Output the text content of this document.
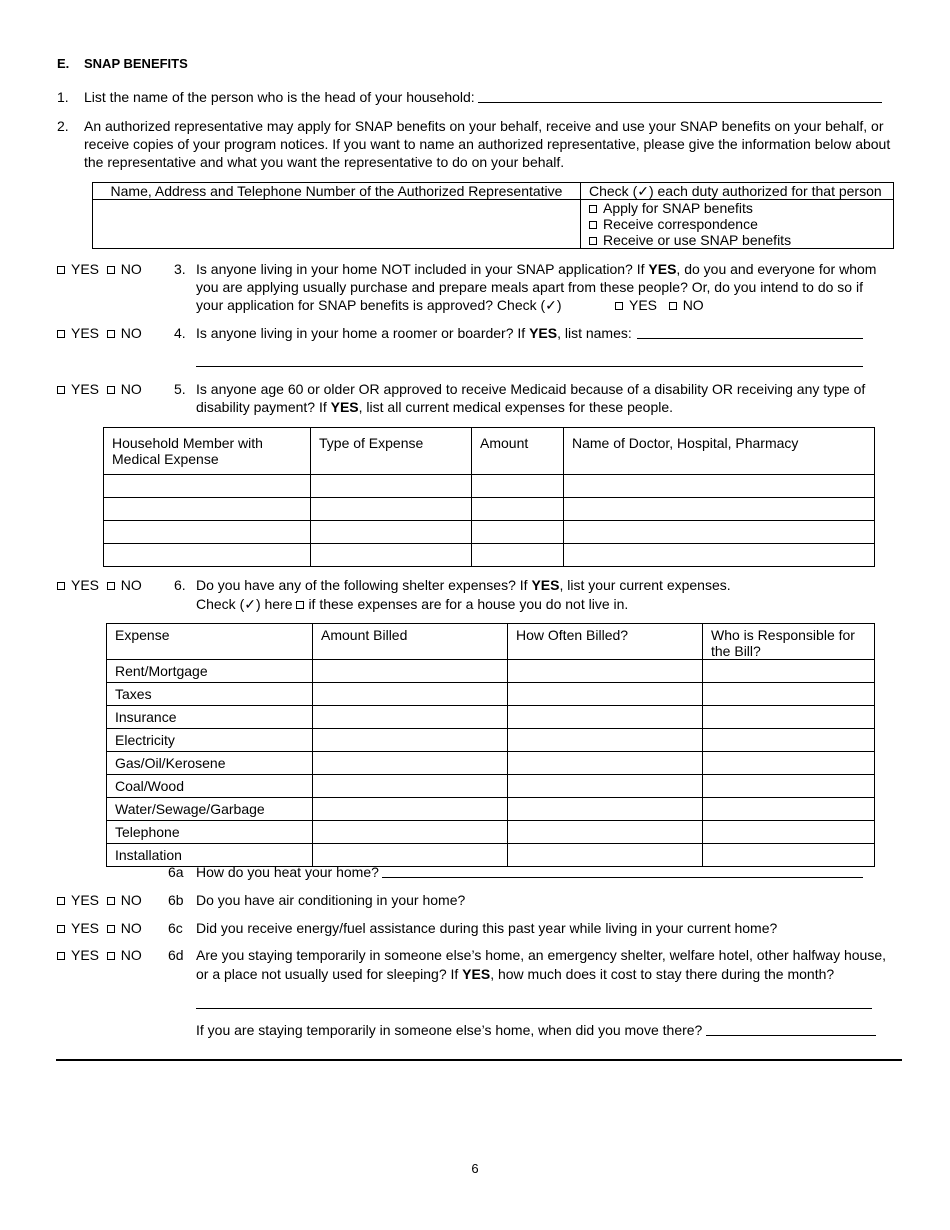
E. SNAP BENEFITS
1. List the name of the person who is the head of your household:
2. An authorized representative may apply for SNAP benefits on your behalf, receive and use your SNAP benefits on your behalf, or
receive copies of your program notices. If you want to name an authorized representative, please give the information below about
the representative and what you want the representative to do on your behalf.
Name, Address and Telephone Number of the Authorized Representative	Check (✓) each duty authorized for that person

	Apply for SNAP benefits
Receive correspondence
Receive or use SNAP benefits
YES NO 3. Is anyone living in your home NOT included in your SNAP application? If YES, do you and everyone for whom
you are applying usually purchase and prepare meals apart from these people? Or, do you intend to do so if
your application for SNAP benefits is approved? Check (✓)	YES NO
YES NO 4. Is anyone living in your home a roomer or boarder? If YES, list names:
YES NO 5. Is anyone age 60 or older OR approved to receive Medicaid because of a disability OR receiving any type of
disability payment? If YES, list all current medical expenses for these people.
Household Member with Medical Expense	Type of Expense	Amount	Name of Doctor, Hospital, Pharmacy

YES NO 6. Do you have any of the following shelter expenses? If YES, list your current expenses.
Check (✓) here if these expenses are for a house you do not live in.
Expense	Amount Billed	How Often Billed?	Who is Responsible for the Bill?
Rent/Mortgage			
Taxes			
Insurance			
Electricity			
Gas/Oil/Kerosene			
Coal/Wood			
Water/Sewage/Garbage			
Telephone			
Installation			
6a How do you heat your home?
YES NO 6b Do you have air conditioning in your home?
YES NO 6c Did you receive energy/fuel assistance during this past year while living in your current home?
YES NO 6d Are you staying temporarily in someone else’s home, an emergency shelter, welfare hotel, other halfway house,
or a place not usually used for sleeping? If YES, how much does it cost to stay there during the month?
If you are staying temporarily in someone else’s home, when did you move there?
6
